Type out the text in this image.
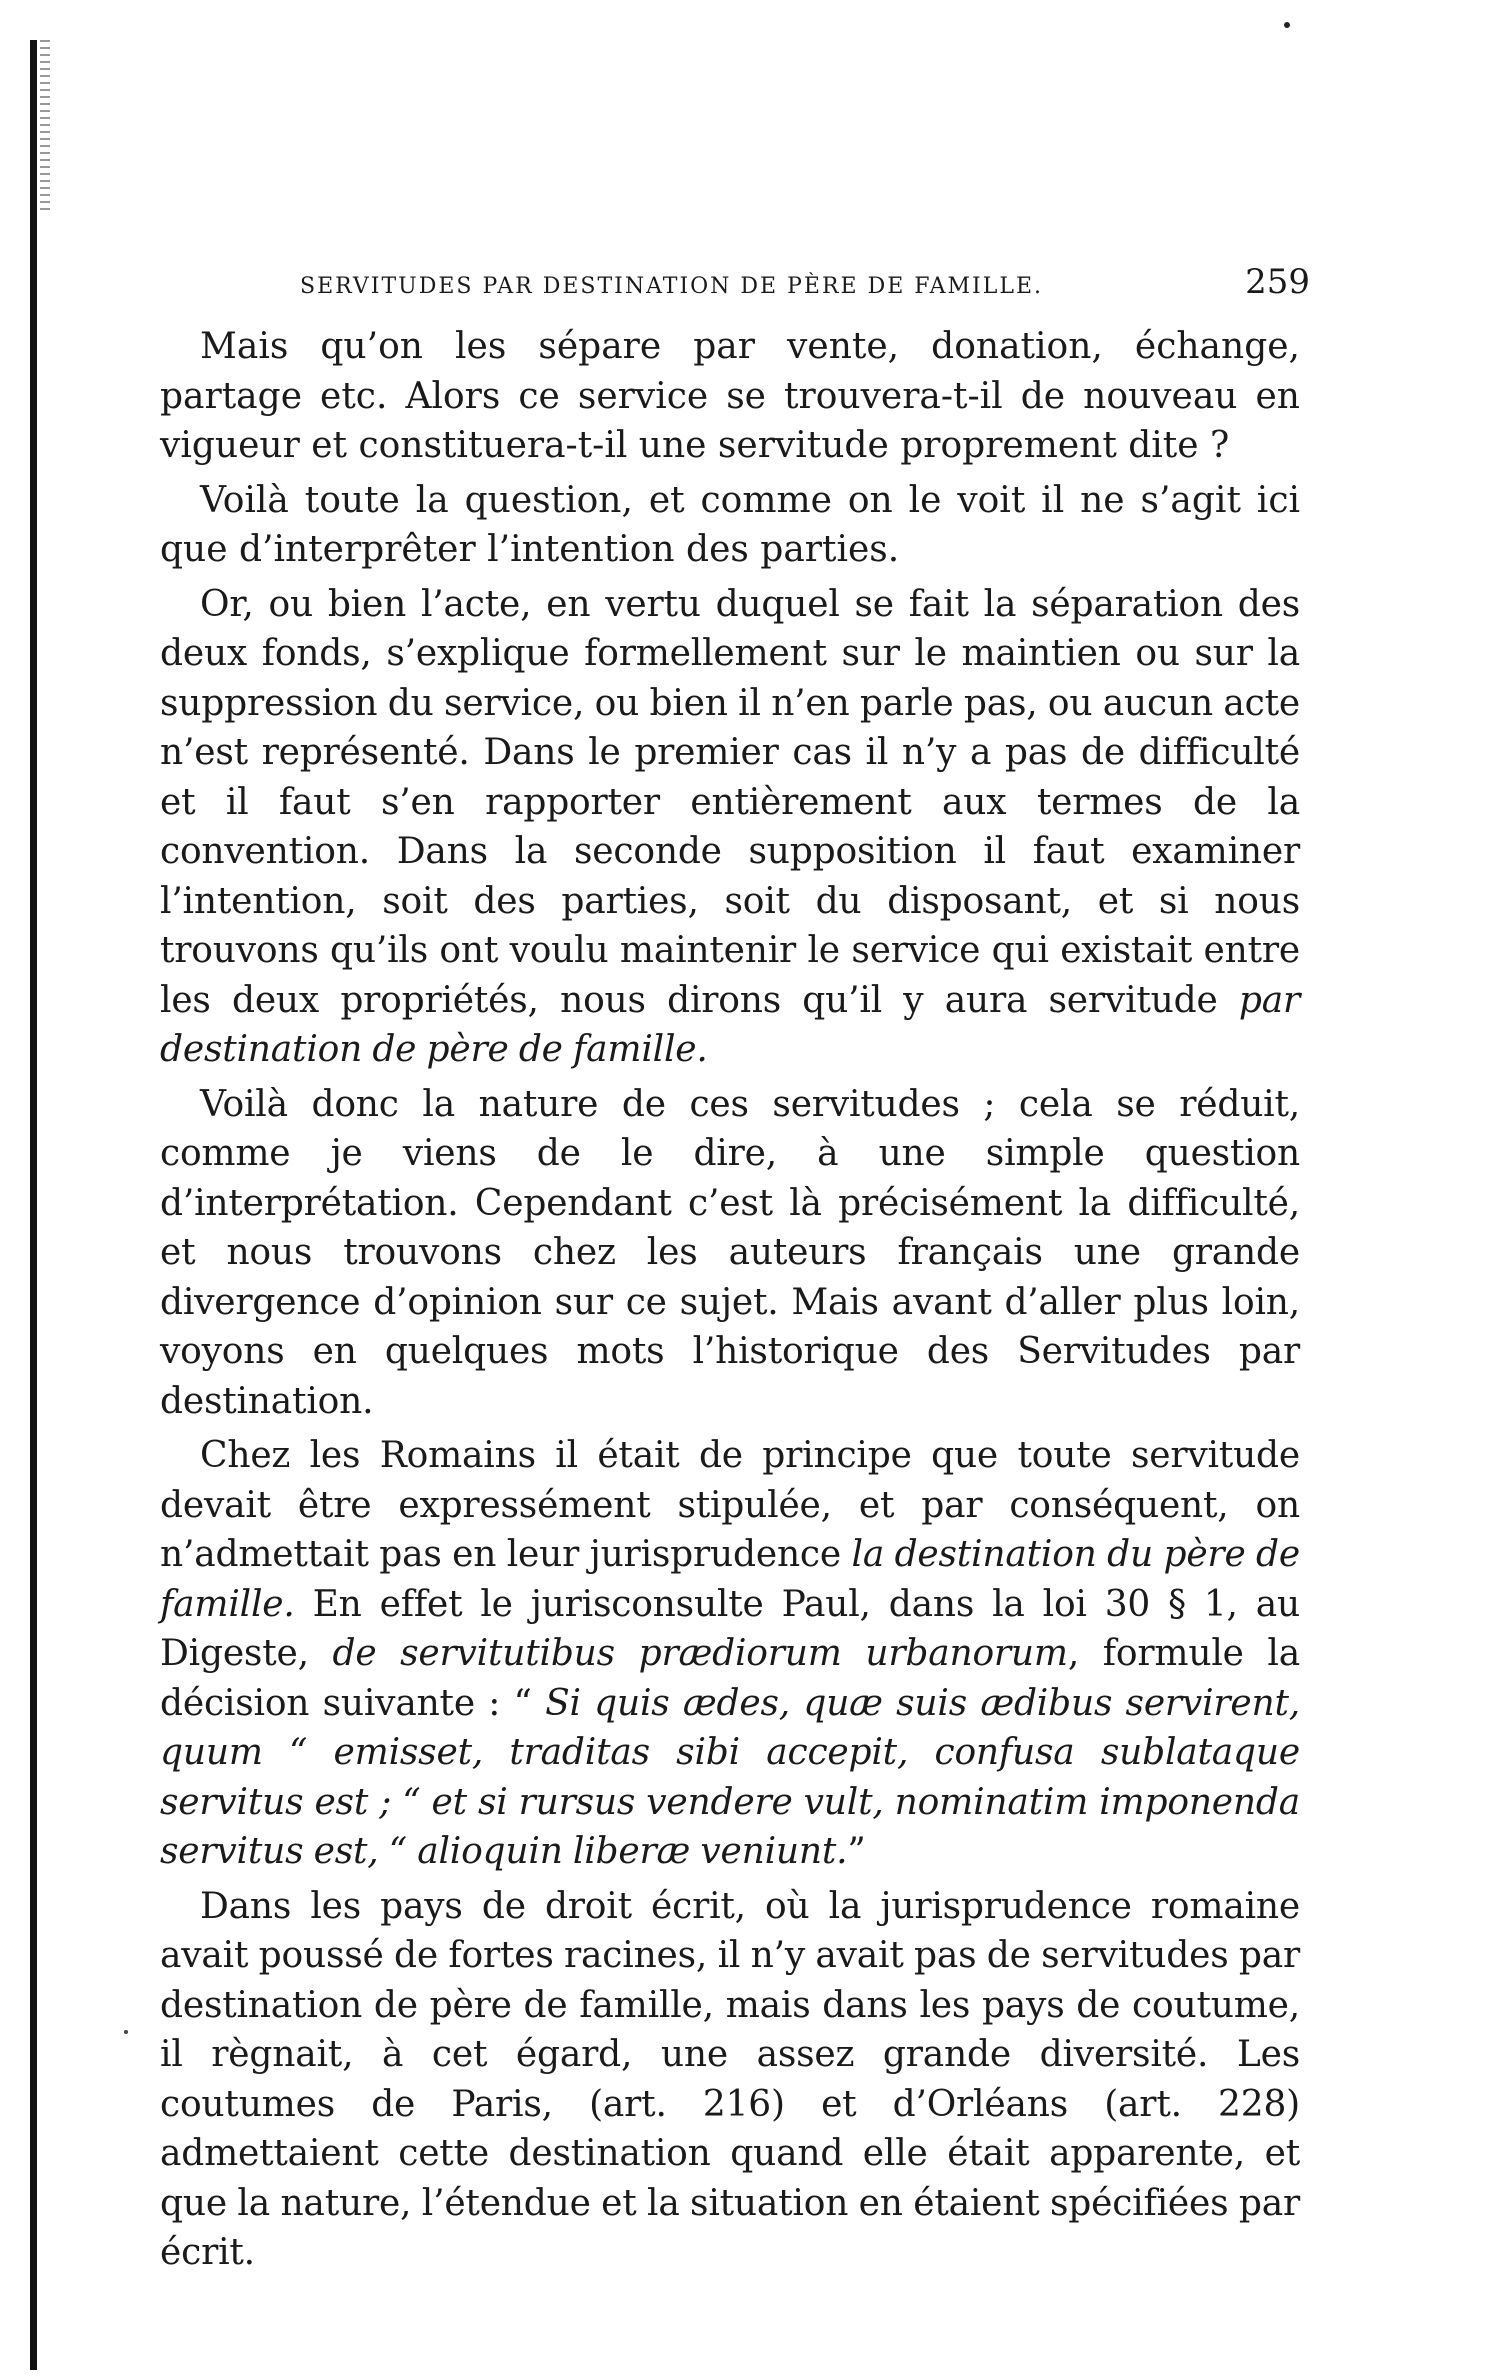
SERVITUDES PAR DESTINATION DE PÈRE DE FAMILLE.	259

Mais qu’on les sépare par vente, donation, échange, partage etc. Alors ce service se trouvera-t-il de nouveau en vigueur et constituera-t-il une servitude proprement dite ?

Voilà toute la question, et comme on le voit il ne s’agit ici que d’interprêter l’intention des parties.

Or, ou bien l’acte, en vertu duquel se fait la séparation des deux fonds, s’explique formellement sur le maintien ou sur la suppression du service, ou bien il n’en parle pas, ou aucun acte n’est représenté. Dans le premier cas il n’y a pas de difficulté et il faut s’en rapporter entièrement aux termes de la convention. Dans la seconde supposition il faut examiner l’intention, soit des parties, soit du disposant, et si nous trouvons qu’ils ont voulu maintenir le service qui existait entre les deux propriétés, nous dirons qu’il y aura servitude par destination de père de famille.

Voilà donc la nature de ces servitudes ; cela se réduit, comme je viens de le dire, à une simple question d’interprétation. Cependant c’est là précisément la difficulté, et nous trouvons chez les auteurs français une grande divergence d’opinion sur ce sujet. Mais avant d’aller plus loin, voyons en quelques mots l’historique des Servitudes par destination.

Chez les Romains il était de principe que toute servitude devait être expressément stipulée, et par conséquent, on n’admettait pas en leur jurisprudence la destination du père de famille. En effet le jurisconsulte Paul, dans la loi 30 § 1, au Digeste, de servitutibus prædiorum urbanorum, formule la décision suivante : “ Si quis ædes, quæ suis ædibus servirent, quum “ emisset, traditas sibi accepit, confusa sublataque servitus est ; “ et si rursus vendere vult, nominatim imponenda servitus est, “ alioquin liberæ veniunt.”

Dans les pays de droit écrit, où la jurisprudence romaine avait poussé de fortes racines, il n’y avait pas de servitudes par destination de père de famille, mais dans les pays de coutume, il règnait, à cet égard, une assez grande diversité. Les coutumes de Paris, (art. 216) et d’Orléans (art. 228) admettaient cette destination quand elle était apparente, et que la nature, l’étendue et la situation en étaient spécifiées par écrit.
